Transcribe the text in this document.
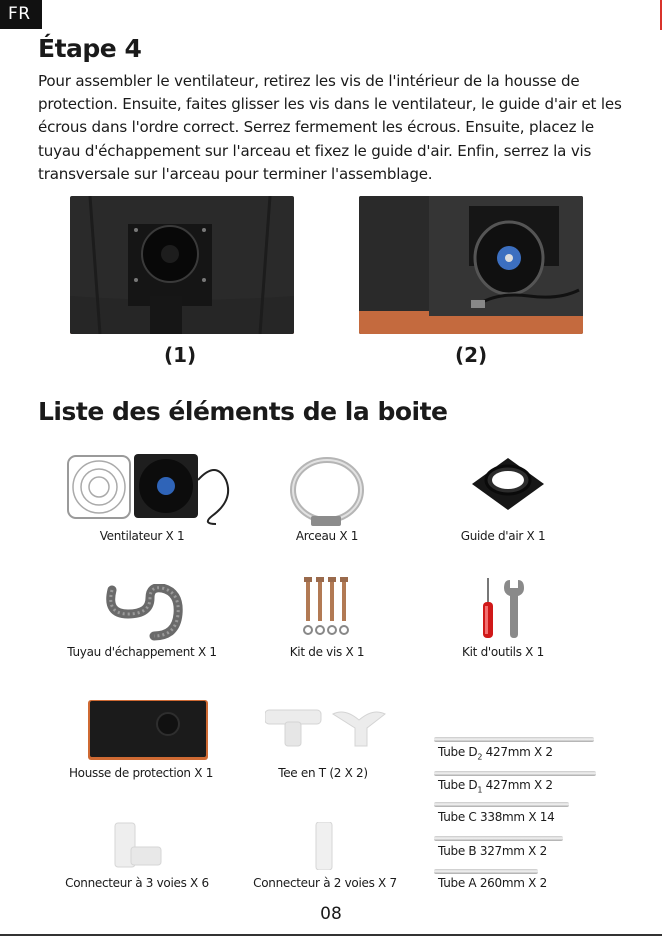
FR
Étape 4

Pour assembler le ventilateur, retirez les vis de l'intérieur de la housse de protection. Ensuite, faites glisser les vis dans le ventilateur, le guide d'air et les écrous dans l'ordre correct. Serrez fermement les écrous. Ensuite, placez le tuyau d'échappement sur l'arceau et fixez le guide d'air. Enfin, serrez la vis transversale sur l'arceau pour terminer l'assemblage.

(1)	(2)
Liste des éléments de la boite
Ventilateur X 1	Arceau X 1	Guide d'air X 1
Tuyau d'échappement X 1	Kit de vis X 1	Kit d'outils X 1
Housse de protection X 1	Tee en T (2 X 2)
Connecteur à 3 voies X 6	Connecteur à 2 voies X 7
Tube $D_2$ 427mm X 2
Tube $D_1$ 427mm X 2
Tube C 338mm X 14
Tube B 327mm X 2
Tube A 260mm X 2
08
